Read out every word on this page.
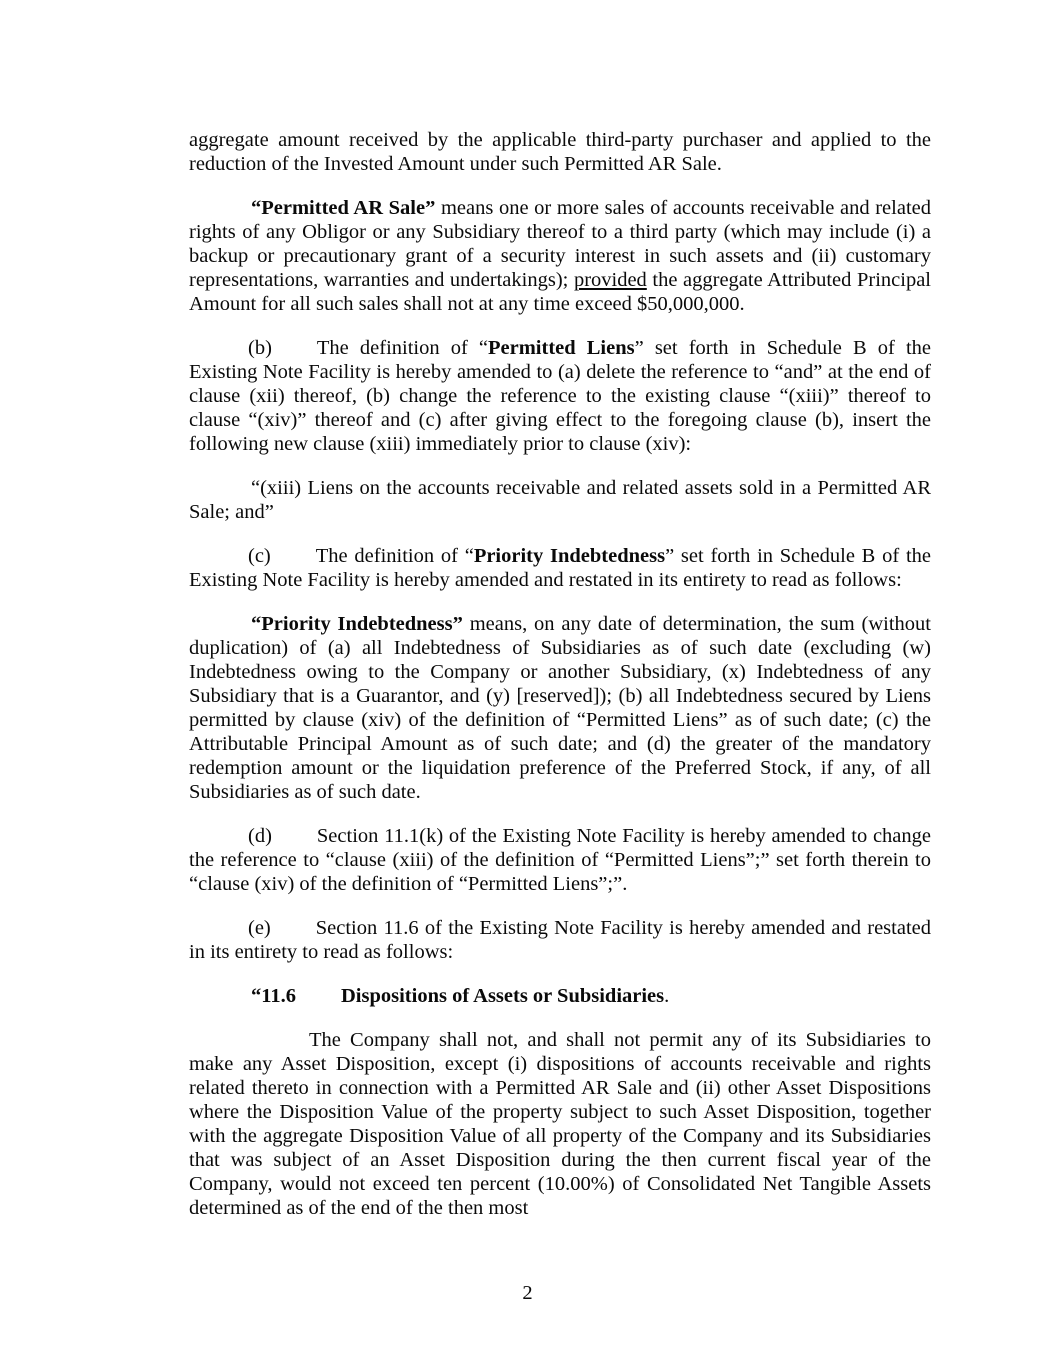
aggregate amount received by the applicable third-party purchaser and applied to the reduction of the Invested Amount under such Permitted AR Sale.

“Permitted AR Sale” means one or more sales of accounts receivable and related rights of any Obligor or any Subsidiary thereof to a third party (which may include (i) a backup or precautionary grant of a security interest in such assets and (ii) customary representations, warranties and undertakings); provided the aggregate Attributed Principal Amount for all such sales shall not at any time exceed $50,000,000.

(b) The definition of “Permitted Liens” set forth in Schedule B of the Existing Note Facility is hereby amended to (a) delete the reference to “and” at the end of clause (xii) thereof, (b) change the reference to the existing clause “(xiii)” thereof to clause “(xiv)” thereof and (c) after giving effect to the foregoing clause (b), insert the following new clause (xiii) immediately prior to clause (xiv):

“(xiii) Liens on the accounts receivable and related assets sold in a Permitted AR Sale; and”

(c) The definition of “Priority Indebtedness” set forth in Schedule B of the Existing Note Facility is hereby amended and restated in its entirety to read as follows:

“Priority Indebtedness” means, on any date of determination, the sum (without duplication) of (a) all Indebtedness of Subsidiaries as of such date (excluding (w) Indebtedness owing to the Company or another Subsidiary, (x) Indebtedness of any Subsidiary that is a Guarantor, and (y) [reserved]); (b) all Indebtedness secured by Liens permitted by clause (xiv) of the definition of “Permitted Liens” as of such date; (c) the Attributable Principal Amount as of such date; and (d) the greater of the mandatory redemption amount or the liquidation preference of the Preferred Stock, if any, of all Subsidiaries as of such date.

(d) Section 11.1(k) of the Existing Note Facility is hereby amended to change the reference to “clause (xiii) of the definition of “Permitted Liens”;” set forth therein to “clause (xiv) of the definition of “Permitted Liens”;”.

(e) Section 11.6 of the Existing Note Facility is hereby amended and restated in its entirety to read as follows:

“11.6 Dispositions of Assets or Subsidiaries.

The Company shall not, and shall not permit any of its Subsidiaries to make any Asset Disposition, except (i) dispositions of accounts receivable and rights related thereto in connection with a Permitted AR Sale and (ii) other Asset Dispositions where the Disposition Value of the property subject to such Asset Disposition, together with the aggregate Disposition Value of all property of the Company and its Subsidiaries that was subject of an Asset Disposition during the then current fiscal year of the Company, would not exceed ten percent (10.00%) of Consolidated Net Tangible Assets determined as of the end of the then most

2
